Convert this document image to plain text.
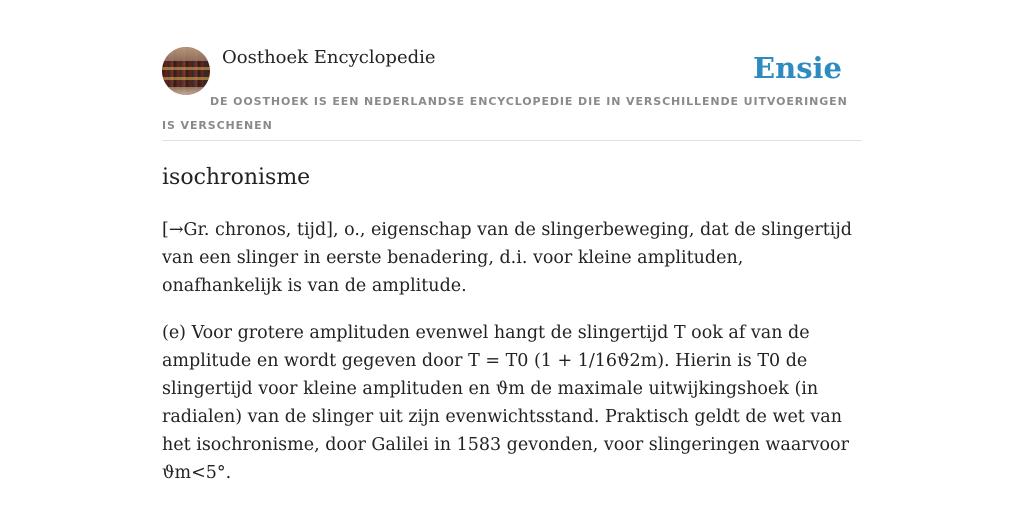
Oosthoek Encyclopedie	Ensie
DE OOSTHOEK IS EEN NEDERLANDSE ENCYCLOPEDIE DIE IN VERSCHILLENDE UITVOERINGEN IS VERSCHENEN
isochronisme

[→Gr. chronos, tijd], o., eigenschap van de slingerbeweging, dat de slingertijd van een slinger in eerste benadering, d.i. voor kleine amplituden, onafhankelijk is van de amplitude.

(e) Voor grotere amplituden evenwel hangt de slingertijd T ook af van de amplitude en wordt gegeven door T = T0 (1 + 1/16ϑ2m). Hierin is T0 de slingertijd voor kleine amplituden en ϑm de maximale uitwijkingshoek (in radialen) van de slinger uit zijn evenwichtsstand. Praktisch geldt de wet van het isochronisme, door Galilei in 1583 gevonden, voor slingeringen waarvoor ϑm<5°.
